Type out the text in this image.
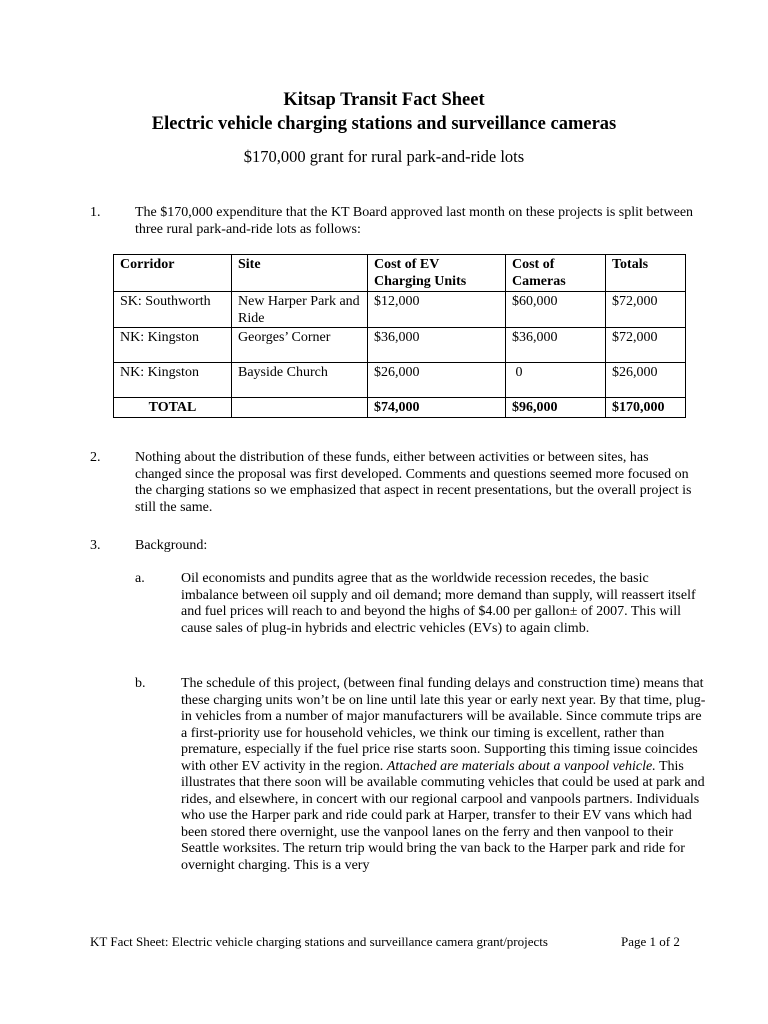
Kitsap Transit Fact Sheet
Electric vehicle charging stations and surveillance cameras
$170,000 grant for rural park-and-ride lots
1. The $170,000 expenditure that the KT Board approved last month on these projects is split between three rural park-and-ride lots as follows:
Corridor	Site	Cost of EV Charging Units	Cost of Cameras	Totals
SK: Southworth	New Harper Park and Ride	$12,000	$60,000	$72,000
NK: Kingston	Georges’ Corner	$36,000	$36,000	$72,000
NK: Kingston	Bayside Church	$26,000	0	$26,000
TOTAL		$74,000	$96,000	$170,000
2. Nothing about the distribution of these funds, either between activities or between sites, has changed since the proposal was first developed. Comments and questions seemed more focused on the charging stations so we emphasized that aspect in recent presentations, but the overall project is still the same.
3. Background:
a.	Oil economists and pundits agree that as the worldwide recession recedes, the basic imbalance between oil supply and oil demand; more demand than supply, will reassert itself and fuel prices will reach to and beyond the highs of $4.00 per gallon± of 2007. This will cause sales of plug-in hybrids and electric vehicles (EVs) to again climb.
b.	The schedule of this project, (between final funding delays and construction time) means that these charging units won’t be on line until late this year or early next year. By that time, plug-in vehicles from a number of major manufacturers will be available. Since commute trips are a first-priority use for household vehicles, we think our timing is excellent, rather than premature, especially if the fuel price rise starts soon. Supporting this timing issue coincides with other EV activity in the region. Attached are materials about a vanpool vehicle. This illustrates that there soon will be available commuting vehicles that could be used at park and rides, and elsewhere, in concert with our regional carpool and vanpools partners. Individuals who use the Harper park and ride could park at Harper, transfer to their EV vans which had been stored there overnight, use the vanpool lanes on the ferry and then vanpool to their Seattle worksites. The return trip would bring the van back to the Harper park and ride for overnight charging. This is a very
KT Fact Sheet: Electric vehicle charging stations and surveillance camera grant/projects	Page 1 of 2
